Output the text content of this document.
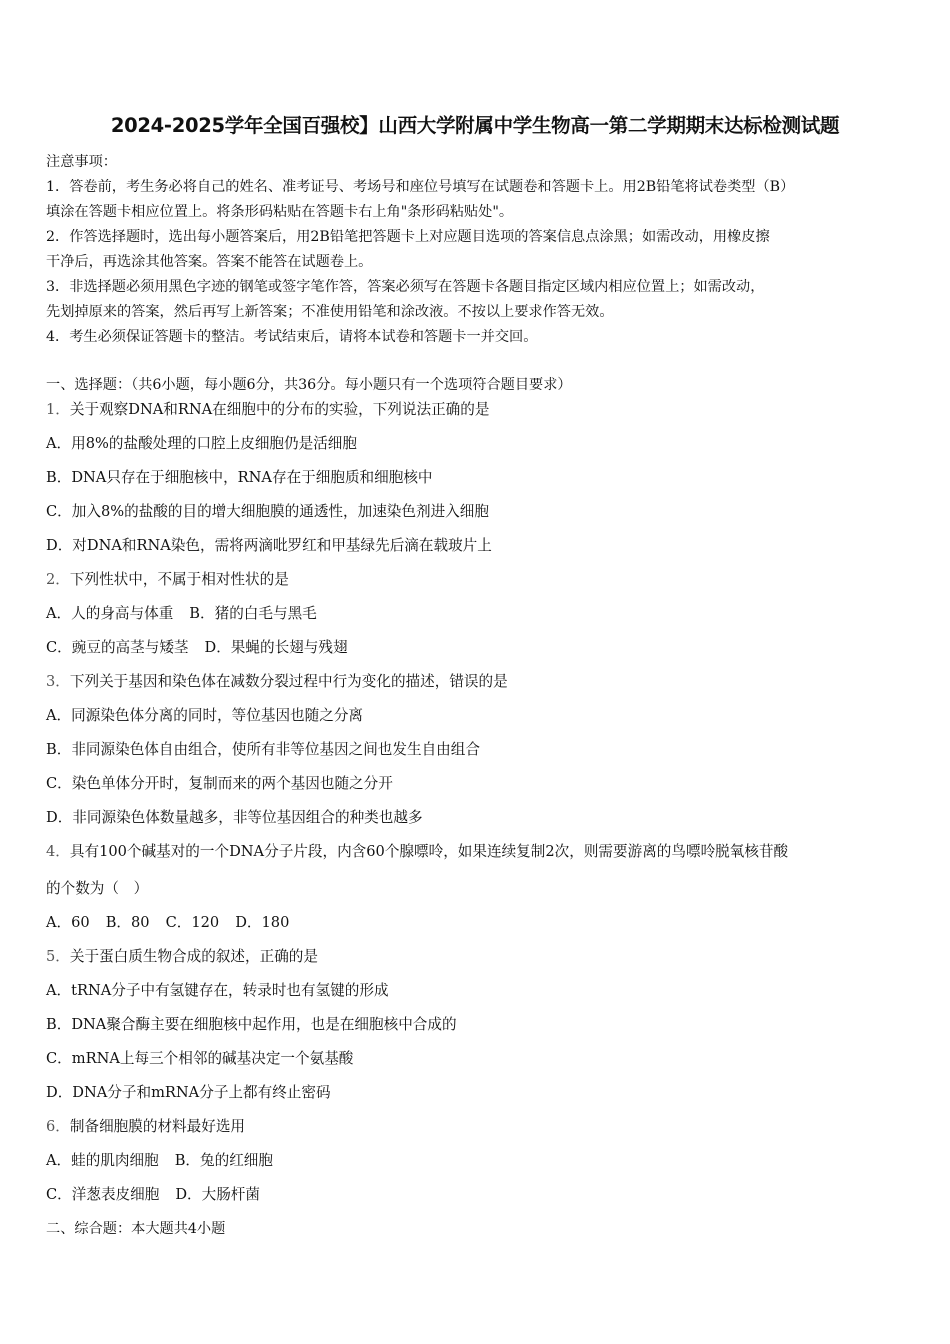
2024-2025学年全国百强校】山西大学附属中学生物高一第二学期期末达标检测试题
注意事项：
1．答卷前，考生务必将自己的姓名、准考证号、考场号和座位号填写在试题卷和答题卡上。用2B铅笔将试卷类型（B）
填涂在答题卡相应位置上。将条形码粘贴在答题卡右上角"条形码粘贴处"。
2．作答选择题时，选出每小题答案后，用2B铅笔把答题卡上对应题目选项的答案信息点涂黑；如需改动，用橡皮擦
干净后，再选涂其他答案。答案不能答在试题卷上。
3．非选择题必须用黑色字迹的钢笔或签字笔作答，答案必须写在答题卡各题目指定区域内相应位置上；如需改动，
先划掉原来的答案，然后再写上新答案；不准使用铅笔和涂改液。不按以上要求作答无效。
4．考生必须保证答题卡的整洁。考试结束后，请将本试卷和答题卡一并交回。
一、选择题：（共6小题，每小题6分，共36分。每小题只有一个选项符合题目要求）
1．关于观察DNA和RNA在细胞中的分布的实验，下列说法正确的是
A．用8%的盐酸处理的口腔上皮细胞仍是活细胞
B．DNA只存在于细胞核中，RNA存在于细胞质和细胞核中
C．加入8%的盐酸的目的增大细胞膜的通透性，加速染色剂进入细胞
D．对DNA和RNA染色，需将两滴吡罗红和甲基绿先后滴在载玻片上
2．下列性状中，不属于相对性状的是
A．人的身高与体重 B．猪的白毛与黑毛
C．豌豆的高茎与矮茎 D．果蝇的长翅与残翅
3．下列关于基因和染色体在减数分裂过程中行为变化的描述，错误的是
A．同源染色体分离的同时，等位基因也随之分离
B．非同源染色体自由组合，使所有非等位基因之间也发生自由组合
C．染色单体分开时，复制而来的两个基因也随之分开
D．非同源染色体数量越多，非等位基因组合的种类也越多
4．具有100个碱基对的一个DNA分子片段，内含60个腺嘌呤，如果连续复制2次，则需要游离的鸟嘌呤脱氧核苷酸
的个数为（　）
A．60 B．80 C．120 D．180
5．关于蛋白质生物合成的叙述，正确的是
A．tRNA分子中有氢键存在，转录时也有氢键的形成
B．DNA聚合酶主要在细胞核中起作用，也是在细胞核中合成的
C．mRNA上每三个相邻的碱基决定一个氨基酸
D．DNA分子和mRNA分子上都有终止密码
6．制备细胞膜的材料最好选用
A．蛙的肌肉细胞 B．兔的红细胞
C．洋葱表皮细胞 D．大肠杆菌
二、综合题：本大题共4小题
